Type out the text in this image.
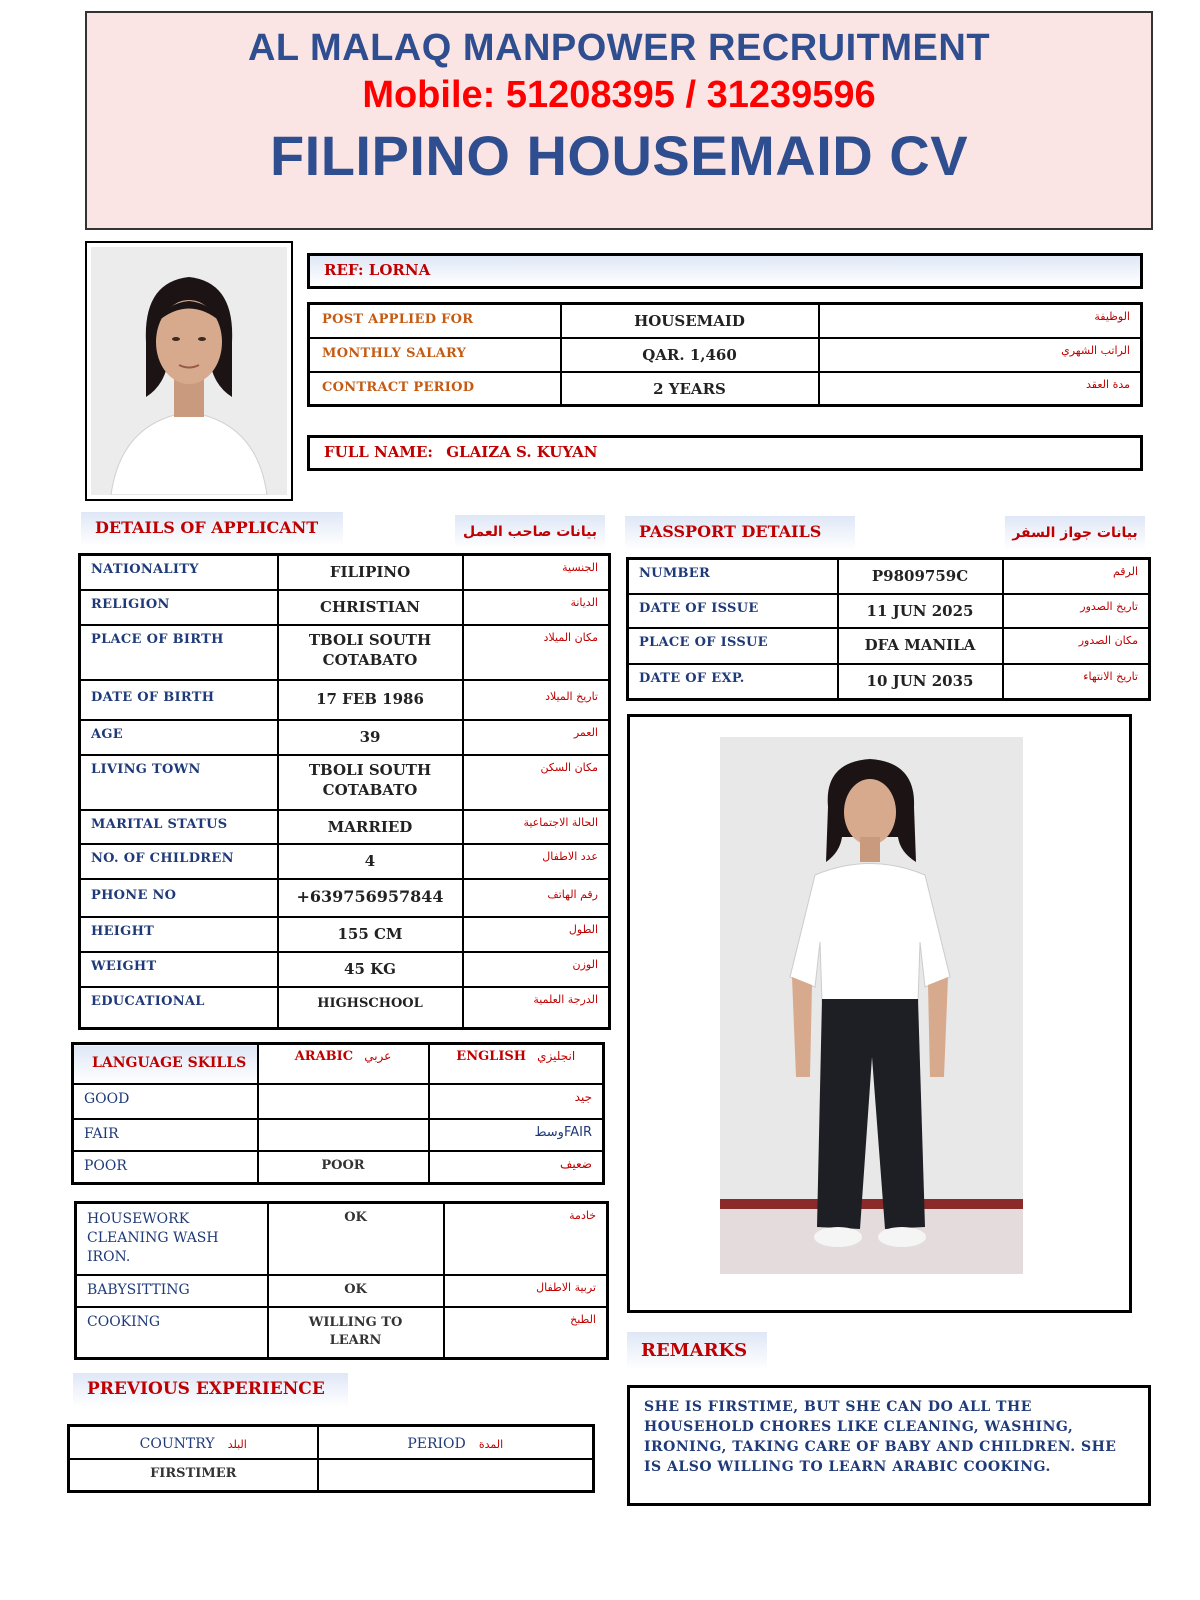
AL MALAQ MANPOWER RECRUITMENT
Mobile: 51208395 / 31239596
FILIPINO HOUSEMAID CV
REF: LORNA
POST APPLIED FOR	HOUSEMAID	الوظيفة
MONTHLY SALARY	QAR. 1,460	الراتب الشهري
CONTRACT PERIOD	2 YEARS	مدة العقد
FULL NAME: GLAIZA S. KUYAN
DETAILS OF APPLICANT	بيانات صاحب العمل
NATIONALITY	FILIPINO	الجنسية
RELIGION	CHRISTIAN	الديانة
PLACE OF BIRTH	TBOLI SOUTH COTABATO	مكان الميلاد
DATE OF BIRTH	17 FEB 1986	تاريخ الميلاد
AGE	39	العمر
LIVING TOWN	TBOLI SOUTH COTABATO	مكان السكن
MARITAL STATUS	MARRIED	الحالة الاجتماعية
NO. OF CHILDREN	4	عدد الاطفال
PHONE NO	+639756957844	رقم الهاتف
HEIGHT	155 CM	الطول
WEIGHT	45 KG	الوزن
EDUCATIONAL	HIGHSCHOOL	الدرجة العلمية
PASSPORT DETAILS	بيانات جواز السفر
NUMBER	P9809759C	الرقم
DATE OF ISSUE	11 JUN 2025	تاريخ الصدور
PLACE OF ISSUE	DFA MANILA	مكان الصدور
DATE OF EXP.	10 JUN 2035	تاريخ الانتهاء
LANGUAGE SKILLS	ARABIC عربي	ENGLISH انجليزي
GOOD		جيد
FAIR		FAIRوسط
POOR	POOR	ضعيف
HOUSEWORK CLEANING WASH IRON.	OK	خادمة
BABYSITTING	OK	تربية الاطفال
COOKING	WILLING TO LEARN	الطبخ
PREVIOUS EXPERIENCE
COUNTRY البلد	PERIOD المدة
FIRSTIMER	
REMARKS
SHE IS FIRSTIME, BUT SHE CAN DO ALL THE HOUSEHOLD CHORES LIKE CLEANING, WASHING, IRONING, TAKING CARE OF BABY AND CHILDREN. SHE IS ALSO WILLING TO LEARN ARABIC COOKING.
